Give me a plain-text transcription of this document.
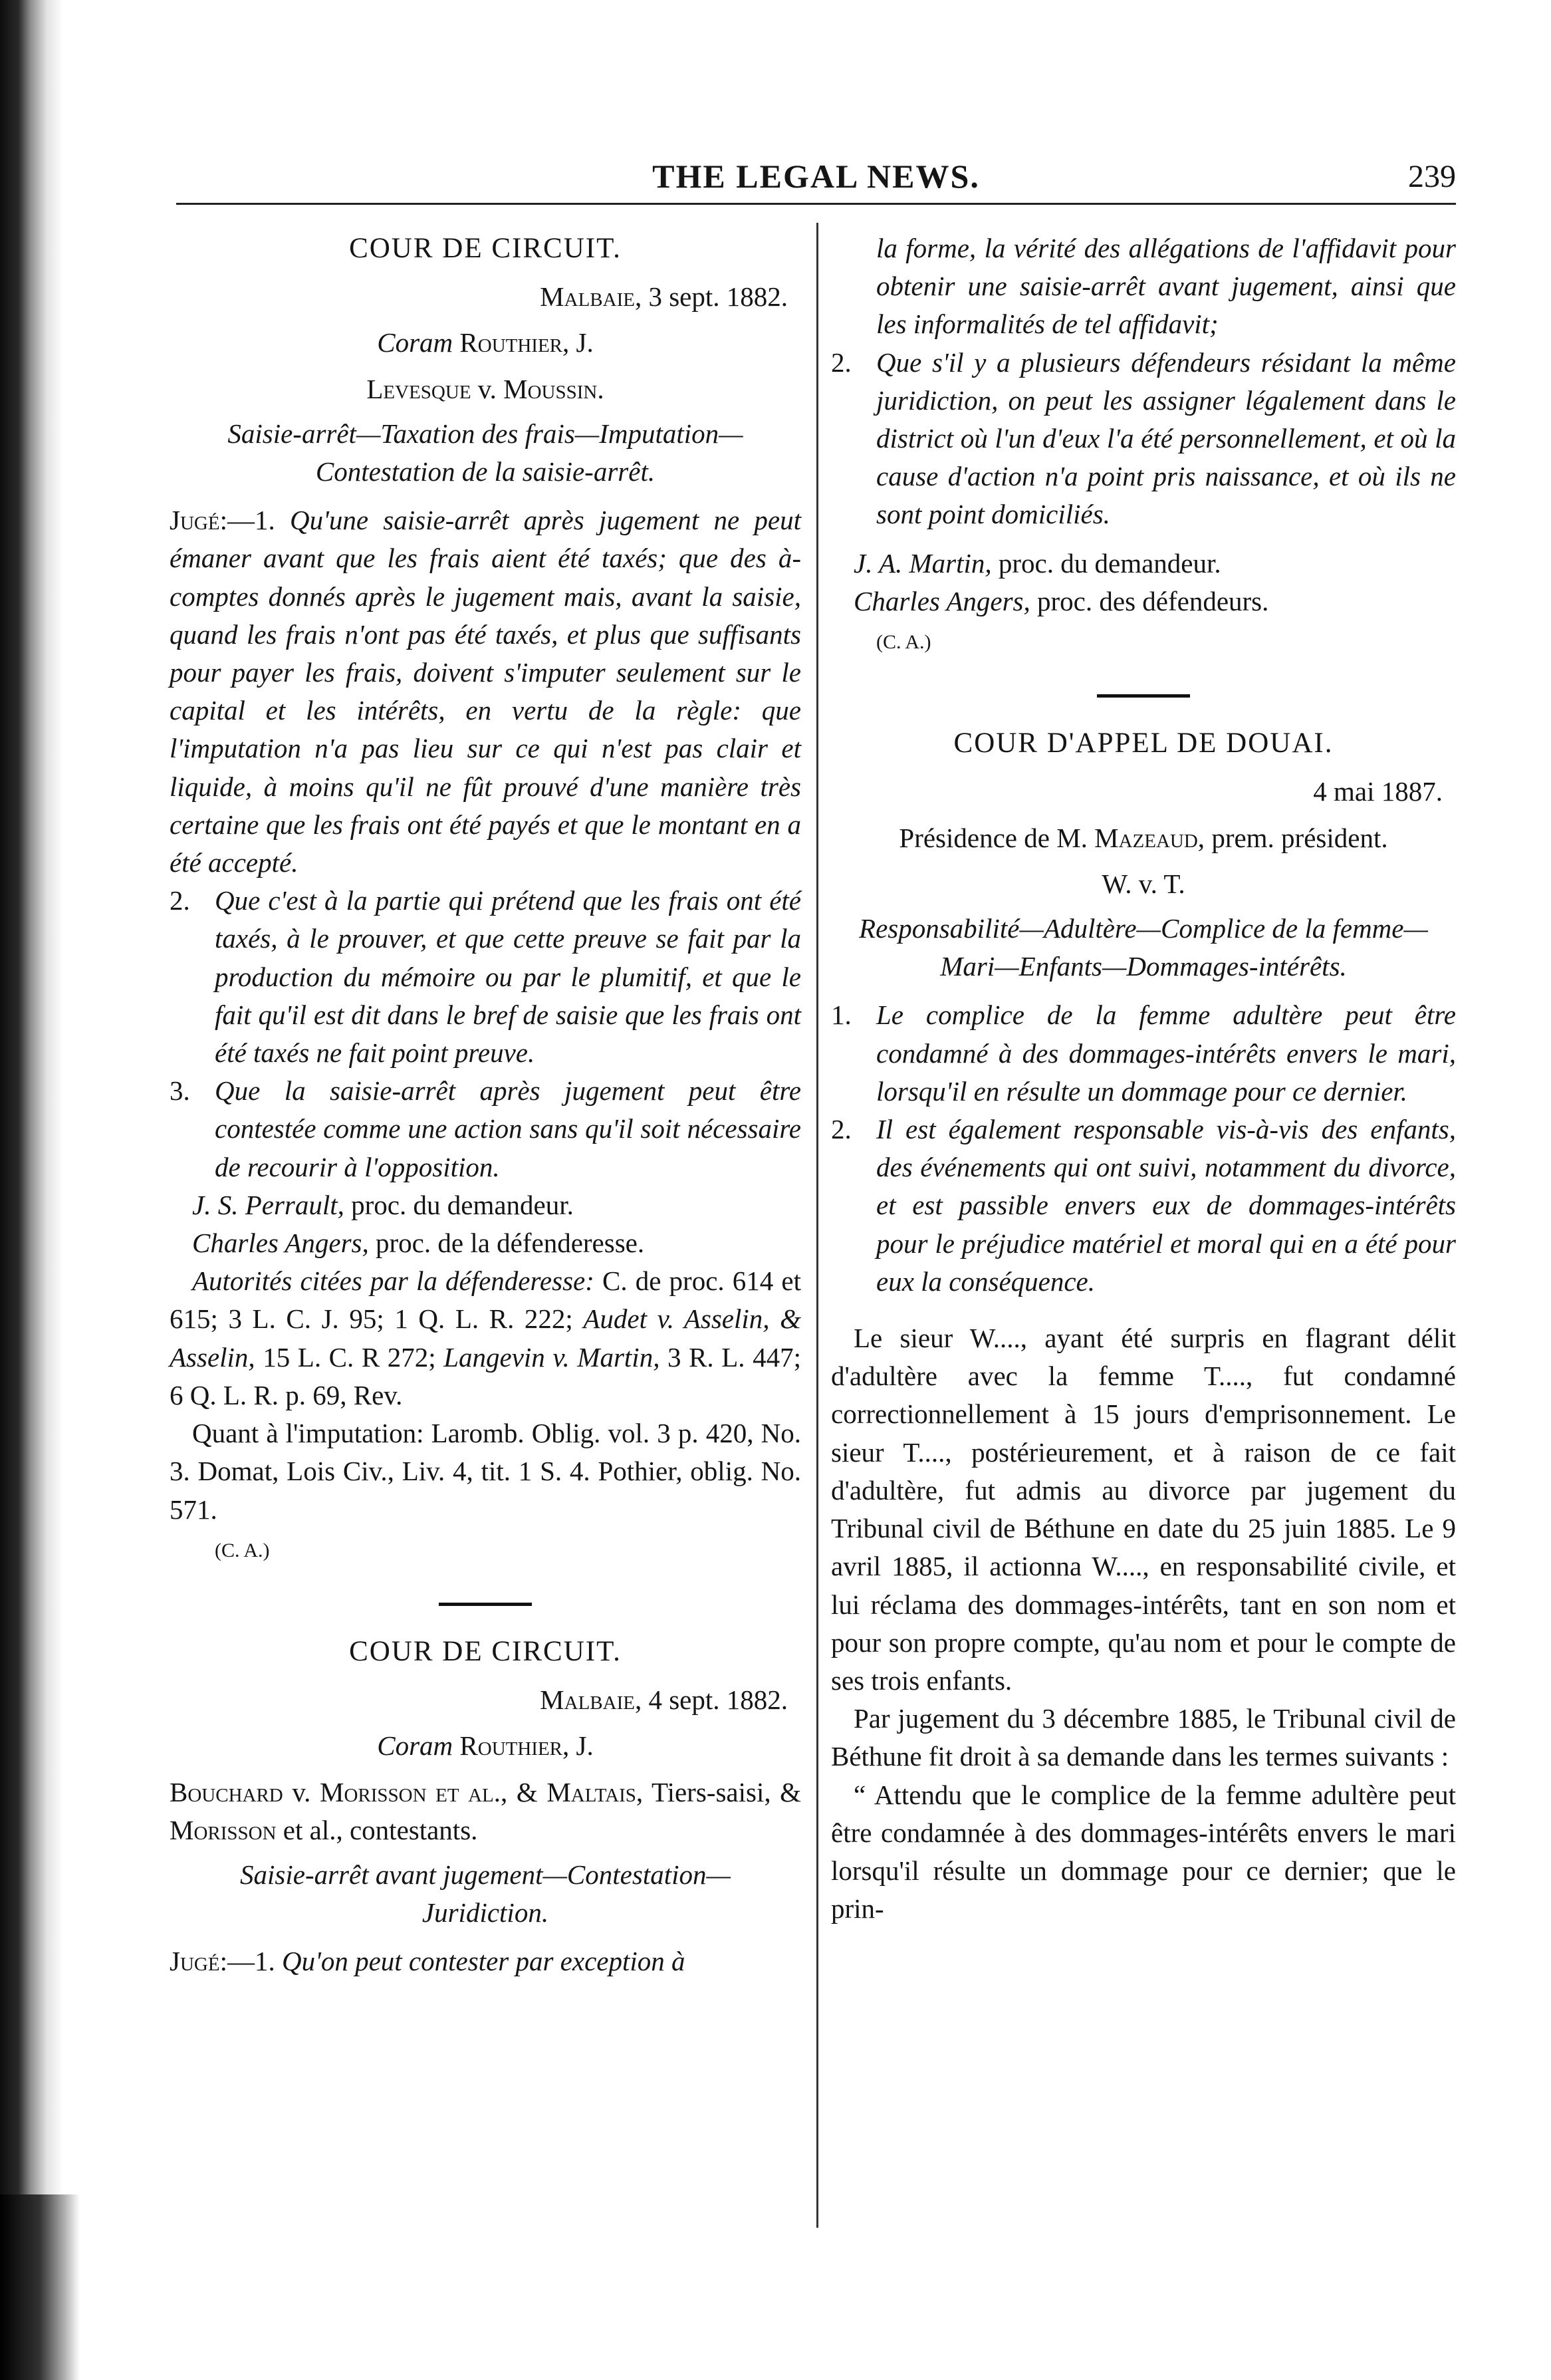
THE LEGAL NEWS.	239

COUR DE CIRCUIT.

Malbaie, 3 sept. 1882.

Coram Routhier, J.

Levesque v. Moussin.

Saisie-arrêt—Taxation des frais—Imputation—Contestation de la saisie-arrêt.

Jugé:—1. Qu'une saisie-arrêt après jugement ne peut émaner avant que les frais aient été taxés; que des à-comptes donnés après le jugement mais, avant la saisie, quand les frais n'ont pas été taxés, et plus que suffisants pour payer les frais, doivent s'imputer seulement sur le capital et les intérêts, en vertu de la règle: que l'imputation n'a pas lieu sur ce qui n'est pas clair et liquide, à moins qu'il ne fût prouvé d'une manière très certaine que les frais ont été payés et que le montant en a été accepté.

2. Que c'est à la partie qui prétend que les frais ont été taxés, à le prouver, et que cette preuve se fait par la production du mémoire ou par le plumitif, et que le fait qu'il est dit dans le bref de saisie que les frais ont été taxés ne fait point preuve.
3. Que la saisie-arrêt après jugement peut être contestée comme une action sans qu'il soit nécessaire de recourir à l'opposition.

J. S. Perrault, proc. du demandeur.

Charles Angers, proc. de la défenderesse.

Autorités citées par la défenderesse: C. de proc. 614 et 615; 3 L. C. J. 95; 1 Q. L. R. 222; Audet v. Asselin, & Asselin, 15 L. C. R 272; Langevin v. Martin, 3 R. L. 447; 6 Q. L. R. p. 69, Rev.

Quant à l'imputation: Laromb. Oblig. vol. 3 p. 420, No. 3. Domat, Lois Civ., Liv. 4, tit. 1 S. 4. Pothier, oblig. No. 571.

(C. A.)

COUR DE CIRCUIT.

Malbaie, 4 sept. 1882.

Coram Routhier, J.

Bouchard v. Morisson et al., & Maltais, Tiers-saisi, & Morisson et al., contestants.

Saisie-arrêt avant jugement—Contestation—Juridiction.

Jugé:—1. Qu'on peut contester par exception à

la forme, la vérité des allégations de l'affidavit pour obtenir une saisie-arrêt avant jugement, ainsi que les informalités de tel affidavit;

2. Que s'il y a plusieurs défendeurs résidant la même juridiction, on peut les assigner légalement dans le district où l'un d'eux l'a été personnellement, et où la cause d'action n'a point pris naissance, et où ils ne sont point domiciliés.

J. A. Martin, proc. du demandeur.

Charles Angers, proc. des défendeurs.

(C. A.)

COUR D'APPEL DE DOUAI.

4 mai 1887.

Présidence de M. Mazeaud, prem. président.

W. v. T.

Responsabilité—Adultère—Complice de la femme—Mari—Enfants—Dommages-intérêts.

1. Le complice de la femme adultère peut être condamné à des dommages-intérêts envers le mari, lorsqu'il en résulte un dommage pour ce dernier.
2. Il est également responsable vis-à-vis des enfants, des événements qui ont suivi, notamment du divorce, et est passible envers eux de dommages-intérêts pour le préjudice matériel et moral qui en a été pour eux la conséquence.

Le sieur W...., ayant été surpris en flagrant délit d'adultère avec la femme T...., fut condamné correctionnellement à 15 jours d'emprisonnement. Le sieur T...., postérieurement, et à raison de ce fait d'adultère, fut admis au divorce par jugement du Tribunal civil de Béthune en date du 25 juin 1885. Le 9 avril 1885, il actionna W...., en responsabilité civile, et lui réclama des dommages-intérêts, tant en son nom et pour son propre compte, qu'au nom et pour le compte de ses trois enfants.

Par jugement du 3 décembre 1885, le Tribunal civil de Béthune fit droit à sa demande dans les termes suivants :

“ Attendu que le complice de la femme adultère peut être condamnée à des dommages-intérêts envers le mari lorsqu'il résulte un dommage pour ce dernier; que le prin-
